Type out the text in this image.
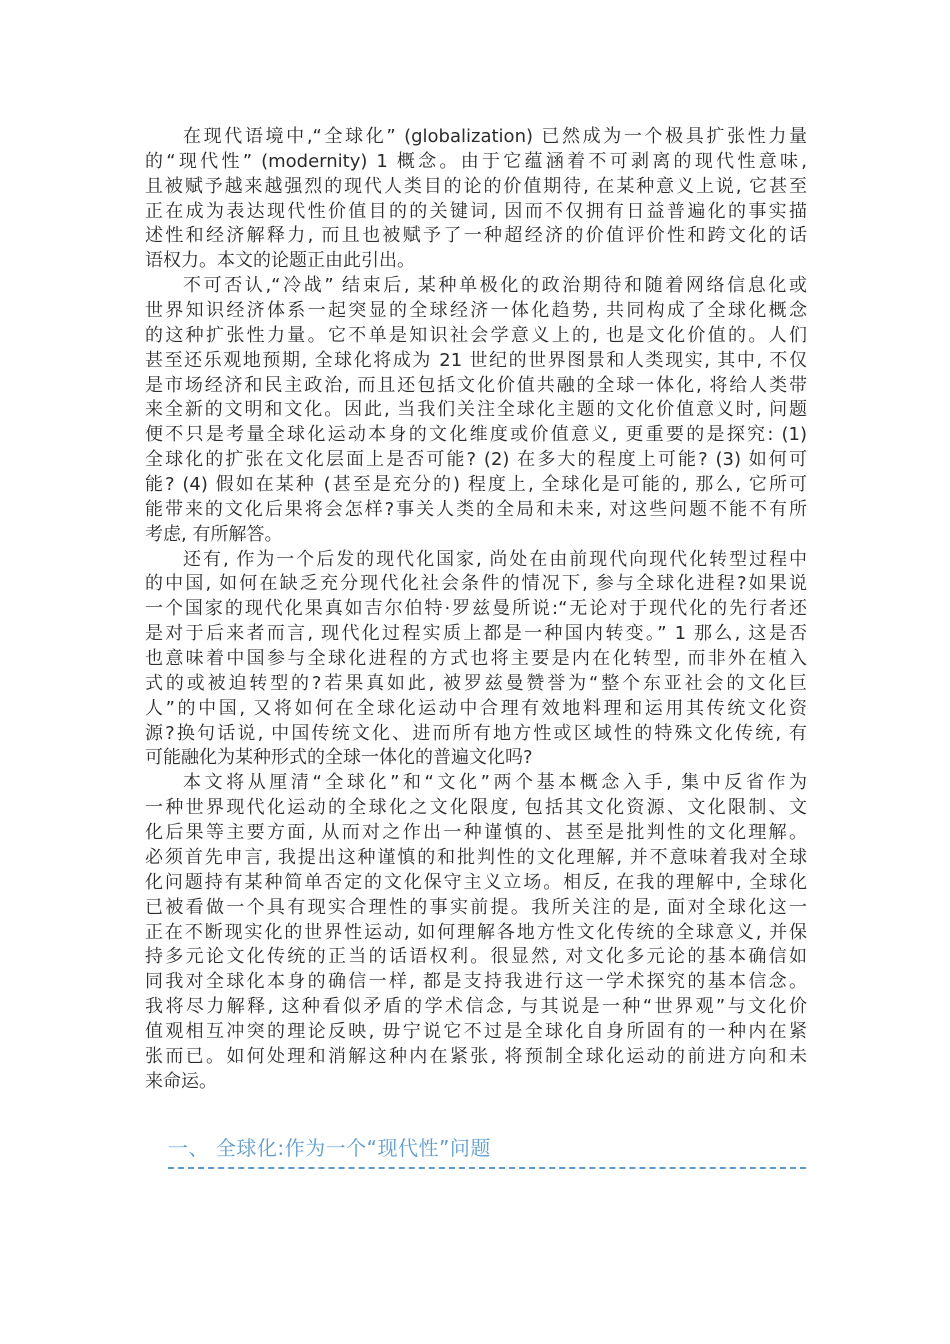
在现代语境中,“全球化” (globalization) 已然成为一个极具扩张性力量
的“现代性” (modernity) 1 概念。由于它蕴涵着不可剥离的现代性意味,
且被赋予越来越强烈的现代人类目的论的价值期待, 在某种意义上说, 它甚至
正在成为表达现代性价值目的的关键词, 因而不仅拥有日益普遍化的事实描
述性和经济解释力, 而且也被赋予了一种超经济的价值评价性和跨文化的话
语权力。本文的论题正由此引出。
不可否认,“冷战” 结束后, 某种单极化的政治期待和随着网络信息化或
世界知识经济体系一起突显的全球经济一体化趋势, 共同构成了全球化概念
的这种扩张性力量。它不单是知识社会学意义上的, 也是文化价值的。人们
甚至还乐观地预期, 全球化将成为 21 世纪的世界图景和人类现实, 其中, 不仅
是市场经济和民主政治, 而且还包括文化价值共融的全球一体化, 将给人类带
来全新的文明和文化。因此, 当我们关注全球化主题的文化价值意义时, 问题
便不只是考量全球化运动本身的文化维度或价值意义, 更重要的是探究: (1)
全球化的扩张在文化层面上是否可能? (2) 在多大的程度上可能? (3) 如何可
能? (4) 假如在某种 (甚至是充分的) 程度上, 全球化是可能的, 那么, 它所可
能带来的文化后果将会怎样?事关人类的全局和未来, 对这些问题不能不有所
考虑, 有所解答。
还有, 作为一个后发的现代化国家, 尚处在由前现代向现代化转型过程中
的中国, 如何在缺乏充分现代化社会条件的情况下, 参与全球化进程?如果说
一个国家的现代化果真如吉尔伯特·罗兹曼所说:“无论对于现代化的先行者还
是对于后来者而言, 现代化过程实质上都是一种国内转变。” 1 那么, 这是否
也意味着中国参与全球化进程的方式也将主要是内在化转型, 而非外在植入
式的或被迫转型的?若果真如此, 被罗兹曼赞誉为“整个东亚社会的文化巨
人”的中国, 又将如何在全球化运动中合理有效地料理和运用其传统文化资
源?换句话说, 中国传统文化、进而所有地方性或区域性的特殊文化传统, 有
可能融化为某种形式的全球一体化的普遍文化吗?
本文将从厘清“全球化”和“文化”两个基本概念入手, 集中反省作为
一种世界现代化运动的全球化之文化限度, 包括其文化资源、文化限制、文
化后果等主要方面, 从而对之作出一种谨慎的、甚至是批判性的文化理解。
必须首先申言, 我提出这种谨慎的和批判性的文化理解, 并不意味着我对全球
化问题持有某种简单否定的文化保守主义立场。相反, 在我的理解中, 全球化
已被看做一个具有现实合理性的事实前提。我所关注的是, 面对全球化这一
正在不断现实化的世界性运动, 如何理解各地方性文化传统的全球意义, 并保
持多元论文化传统的正当的话语权利。很显然, 对文化多元论的基本确信如
同我对全球化本身的确信一样, 都是支持我进行这一学术探究的基本信念。
我将尽力解释, 这种看似矛盾的学术信念, 与其说是一种“世界观”与文化价
值观相互冲突的理论反映, 毋宁说它不过是全球化自身所固有的一种内在紧
张而已。如何处理和消解这种内在紧张, 将预制全球化运动的前进方向和未
来命运。
一、 全球化:作为一个“现代性”问题
